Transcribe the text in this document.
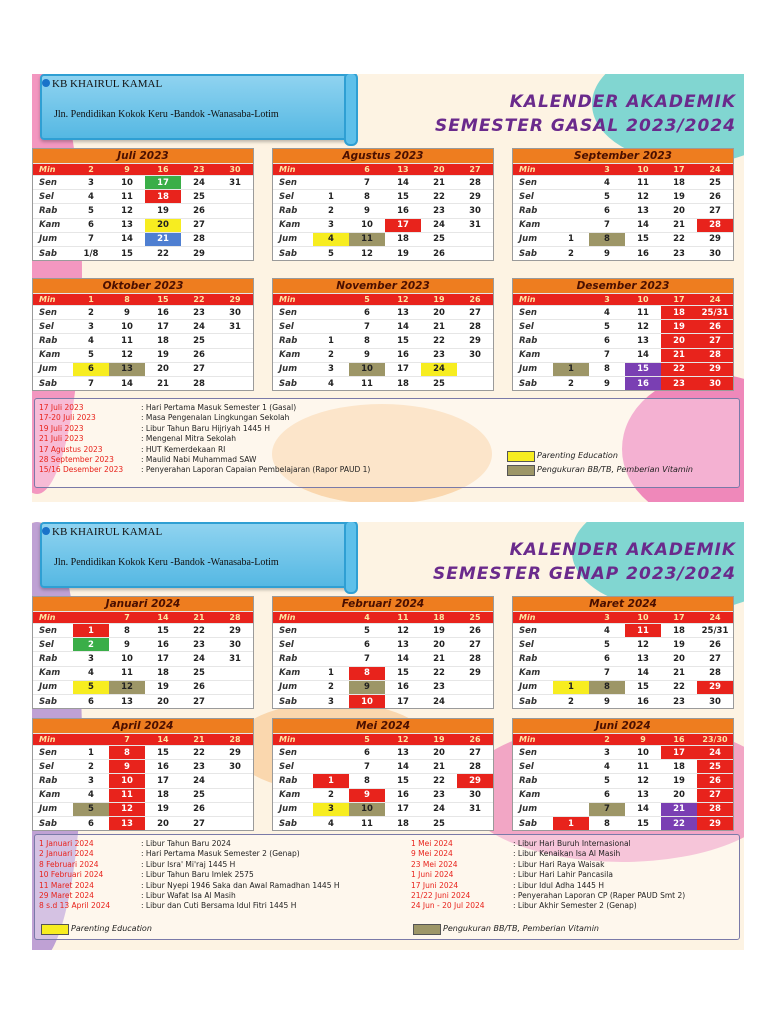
KB KHAIRUL KAMAL
Jln. Pendidikan Kokok Keru -Bandok -Wanasaba-Lotim
KALENDER AKADEMIK
SEMESTER GASAL 2023/2024
Juli 2023
Min	2	9	16	23	30
Sen	3	10	17	24	31
Sel	4	11	18	25	
Rab	5	12	19	26	
Kam	6	13	20	27	
Jum	7	14	21	28	
Sab	1/8	15	22	29	
Agustus 2023
Min		6	13	20	27
Sen		7	14	21	28
Sel	1	8	15	22	29
Rab	2	9	16	23	30
Kam	3	10	17	24	31
Jum	4	11	18	25	
Sab	5	12	19	26	
September 2023
Min		3	10	17	24
Sen		4	11	18	25
Sel		5	12	19	26
Rab		6	13	20	27
Kam		7	14	21	28
Jum	1	8	15	22	29
Sab	2	9	16	23	30
Oktober 2023
Min	1	8	15	22	29
Sen	2	9	16	23	30
Sel	3	10	17	24	31
Rab	4	11	18	25	
Kam	5	12	19	26	
Jum	6	13	20	27	
Sab	7	14	21	28	
November 2023
Min		5	12	19	26
Sen		6	13	20	27
Sel		7	14	21	28
Rab	1	8	15	22	29
Kam	2	9	16	23	30
Jum	3	10	17	24	
Sab	4	11	18	25	
Desember 2023
Min		3	10	17	24
Sen		4	11	18	25/31
Sel		5	12	19	26
Rab		6	13	20	27
Kam		7	14	21	28
Jum	1	8	15	22	29
Sab	2	9	16	23	30
17 Juli 2023	: Hari Pertama Masuk Semester 1 (Gasal)
17-20 Juli 2023	: Masa Pengenalan Lingkungan Sekolah
19 Juli 2023	: Libur Tahun Baru Hijriyah 1445 H
21 Juli 2023	: Mengenal Mitra Sekolah
17 Agustus 2023	: HUT Kemerdekaan RI
28 September 2023	: Maulid Nabi Muhammad SAW
15/16 Desember 2023 : Penyerahan Laporan Capaian Pembelajaran (Rapor PAUD 1)
Parenting Education
Pengukuran BB/TB, Pemberian Vitamin
KB KHAIRUL KAMAL
Jln. Pendidikan Kokok Keru -Bandok -Wanasaba-Lotim
KALENDER AKADEMIK
SEMESTER GENAP 2023/2024
Januari 2024
Min		7	14	21	28
Sen	1	8	15	22	29
Sel	2	9	16	23	30
Rab	3	10	17	24	31
Kam	4	11	18	25	
Jum	5	12	19	26	
Sab	6	13	20	27	
Februari 2024
Min		4	11	18	25
Sen		5	12	19	26
Sel		6	13	20	27
Rab		7	14	21	28
Kam	1	8	15	22	29
Jum	2	9	16	23	
Sab	3	10	17	24	
Maret 2024
Min		3	10	17	24
Sen		4	11	18	25/31
Sel		5	12	19	26
Rab		6	13	20	27
Kam		7	14	21	28
Jum	1	8	15	22	29
Sab	2	9	16	23	30
April 2024
Min		7	14	21	28
Sen	1	8	15	22	29
Sel	2	9	16	23	30
Rab	3	10	17	24	
Kam	4	11	18	25	
Jum	5	12	19	26	
Sab	6	13	20	27	
Mei 2024
Min		5	12	19	26
Sen		6	13	20	27
Sel		7	14	21	28
Rab	1	8	15	22	29
Kam	2	9	16	23	30
Jum	3	10	17	24	31
Sab	4	11	18	25	
Juni 2024
Min		2	9	16	23/30
Sen		3	10	17	24
Sel		4	11	18	25
Rab		5	12	19	26
Kam		6	13	20	27
Jum		7	14	21	28
Sab	1	8	15	22	29
1 Januari 2024	: Libur Tahun Baru 2024
2 Januari 2024	: Hari Pertama Masuk Semester 2 (Genap)
8 Februari 2024	: Libur Isra' Mi'raj 1445 H
10 Februari 2024	: Libur Tahun Baru Imlek 2575
11 Maret 2024	: Libur Nyepi 1946 Saka dan Awal Ramadhan 1445 H
29 Maret 2024	: Libur Wafat Isa Al Masih
8 s.d 13 April 2024	: Libur dan Cuti Bersama Idul Fitri 1445 H
1 Mei 2024	: Libur Hari Buruh Internasional
9 Mei 2024	: Libur Kenaikan Isa Al Masih
23 Mei 2024	: Libur Hari Raya Waisak
1 Juni 2024	: Libur Hari Lahir Pancasila
17 Juni 2024	: Libur Idul Adha 1445 H
21/22 Juni 2024	: Penyerahan Laporan CP (Raper PAUD Smt 2)
24 Jun - 20 Jul 2024	: Libur Akhir Semester 2 (Genap)
Parenting Education	Pengukuran BB/TB, Pemberian Vitamin
